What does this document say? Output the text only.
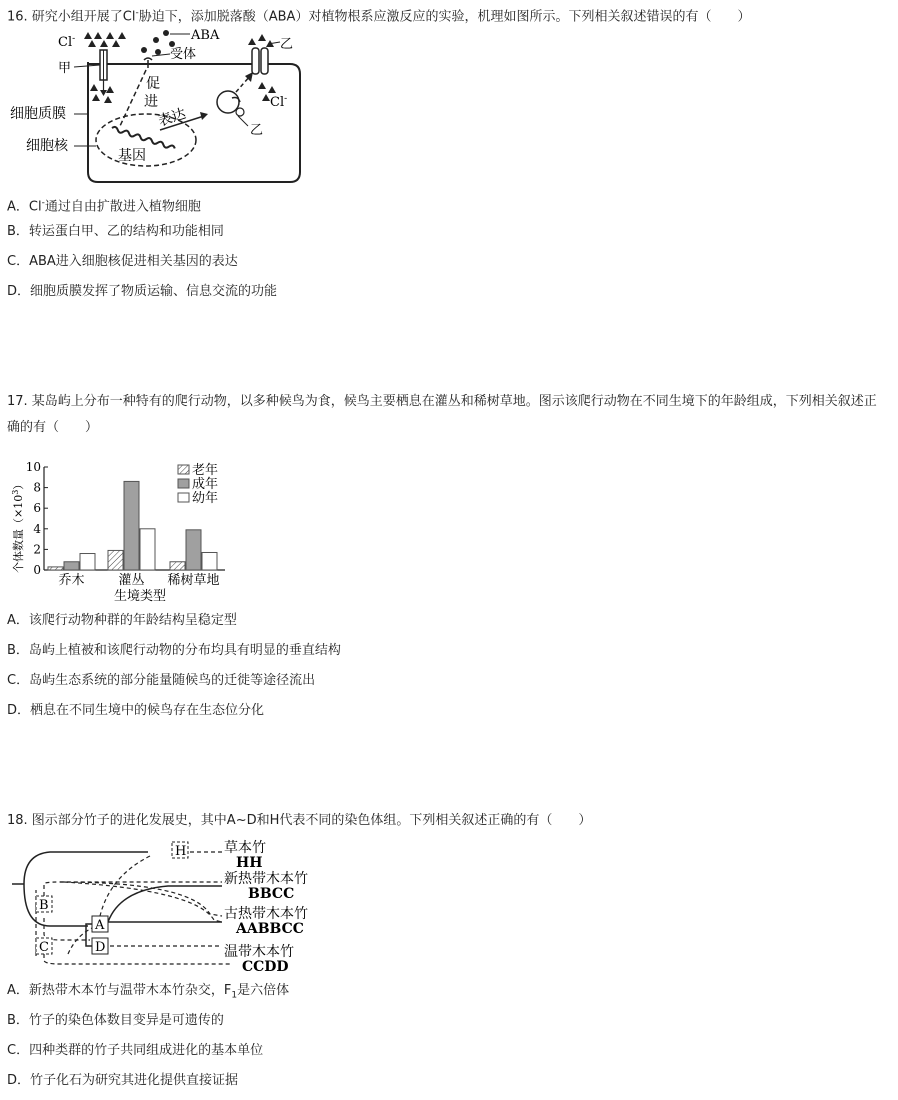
16. 研究小组开展了Cl-胁迫下，添加脱落酸（ABA）对植物根系应激反应的实验，机理如图所示。下列相关叙述错误的有（　　）

ABA
受体
Cl-
甲
Cl-
乙
促
进
基因
表达
乙
细胞质膜
细胞核

A．Cl-通过自由扩散进入植物细胞

B．转运蛋白甲、乙的结构和功能相同

C．ABA进入细胞核促进相关基因的表达

D．细胞质膜发挥了物质运输、信息交流的功能

17. 某岛屿上分布一种特有的爬行动物，以多种候鸟为食，候鸟主要栖息在灌丛和稀树草地。图示该爬行动物在不同生境下的年龄组成，下列相关叙述正确的有（　　）

0
2
4
6
8
10
个体数量$(\times 10^3)$
乔木	灌丛 稀树草地
生境类型
老年
成年
幼年

A．该爬行动物种群的年龄结构呈稳定型

B．岛屿上植被和该爬行动物的分布均具有明显的垂直结构

C．岛屿生态系统的部分能量随候鸟的迁徙等途径流出

D．栖息在不同生境中的候鸟存在生态位分化

18. 图示部分竹子的进化发展史，其中A~D和H代表不同的染色体组。下列相关叙述正确的有（　　）

H
B
C
A
D
草本竹
HH
新热带木本竹
BBCC
古热带木本竹
AABBCC
温带木本竹
CCDD

A．新热带木本竹与温带木本竹杂交，$F_1$是六倍体

B．竹子的染色体数目变异是可遗传的

C．四种类群的竹子共同组成进化的基本单位

D．竹子化石为研究其进化提供直接证据
